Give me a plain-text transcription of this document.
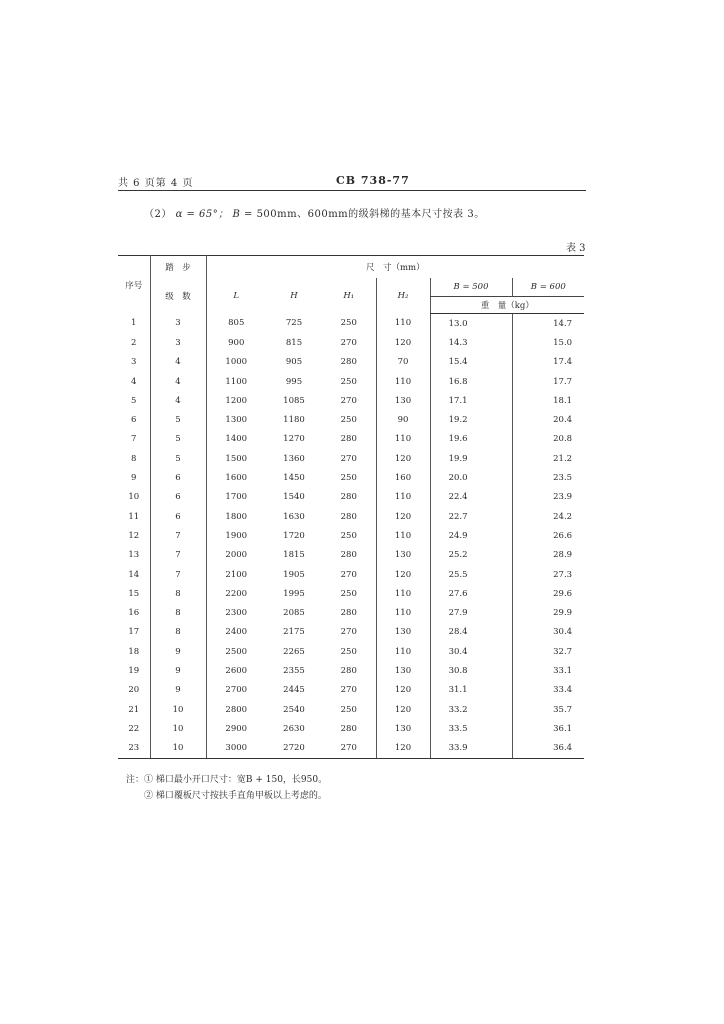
共 6 页第 4 页	CB 738-77
（2） α = 65°； B = 500mm、600mm的级斜梯的基本尺寸按表 3。
表 3
序号	踏　步	尺　寸（mm）					
	级　数	L	H	H₁	H₂	B = 500	B = 600
						重　量（kg）	
1	3	805	725	250	110	13.0	14.7
2	3	900	815	270	120	14.3	15.0
3	4	1000	905	280	70	15.4	17.4
4	4	1100	995	250	110	16.8	17.7
5	4	1200	1085	270	130	17.1	18.1
6	5	1300	1180	250	90	19.2	20.4
7	5	1400	1270	280	110	19.6	20.8
8	5	1500	1360	270	120	19.9	21.2
9	6	1600	1450	250	160	20.0	23.5
10	6	1700	1540	280	110	22.4	23.9
11	6	1800	1630	280	120	22.7	24.2
12	7	1900	1720	250	110	24.9	26.6
13	7	2000	1815	280	130	25.2	28.9
14	7	2100	1905	270	120	25.5	27.3
15	8	2200	1995	250	110	27.6	29.6
16	8	2300	2085	280	110	27.9	29.9
17	8	2400	2175	270	130	28.4	30.4
18	9	2500	2265	250	110	30.4	32.7
19	9	2600	2355	280	130	30.8	33.1
20	9	2700	2445	270	120	31.1	33.4
21	10	2800	2540	250	120	33.2	35.7
22	10	2900	2630	280	130	33.5	36.1
23	10	3000	2720	270	120	33.9	36.4
注：① 梯口最小开口尺寸：宽B + 150，长950。
② 梯口覆板尺寸按扶手直角甲板以上考虑的。
